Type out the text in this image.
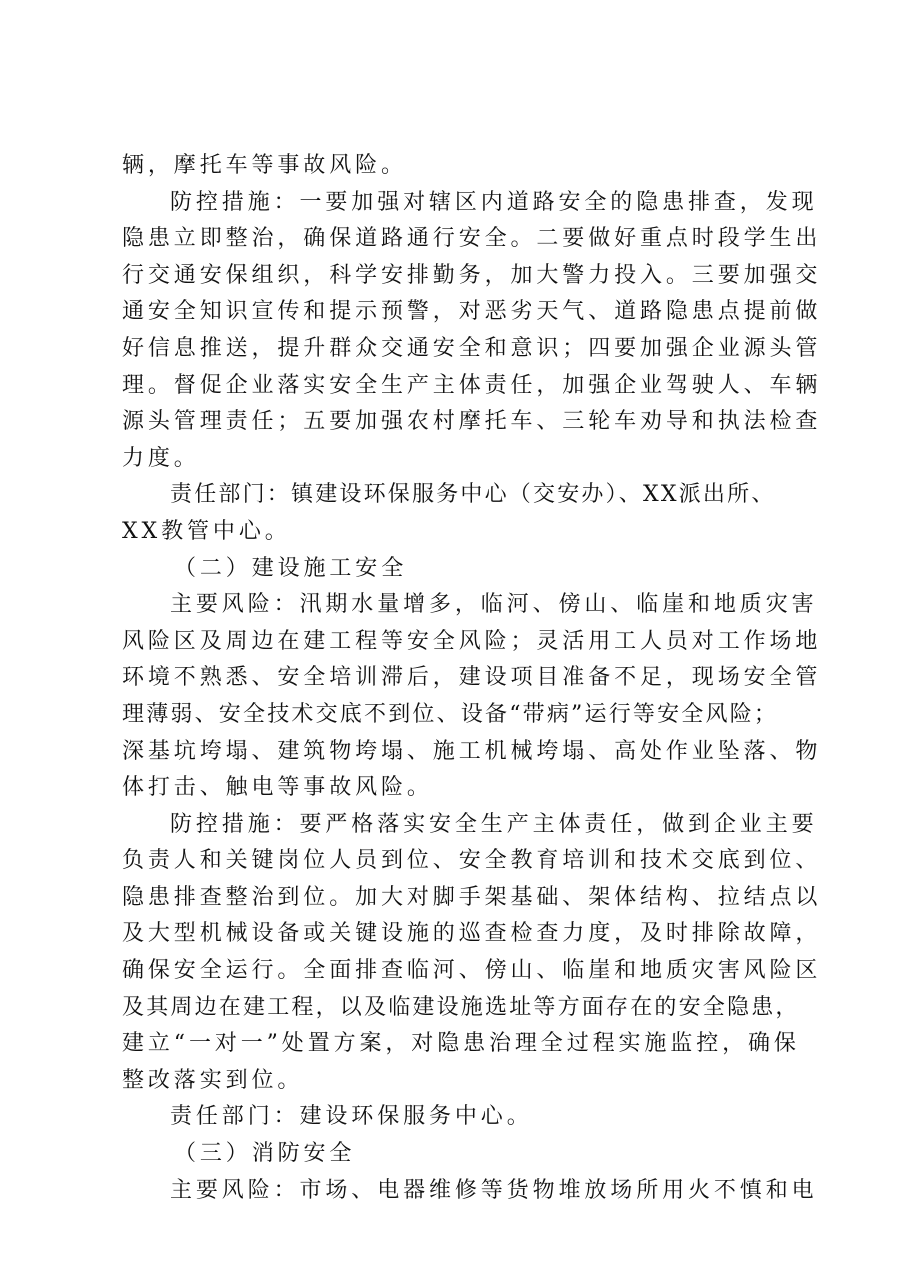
辆，摩托车等事故风险。
防控措施：一要加强对辖区内道路安全的隐患排查，发现
隐患立即整治，确保道路通行安全。二要做好重点时段学生出
行交通安保组织，科学安排勤务，加大警力投入。三要加强交
通安全知识宣传和提示预警，对恶劣天气、道路隐患点提前做
好信息推送，提升群众交通安全和意识；四要加强企业源头管
理。督促企业落实安全生产主体责任，加强企业驾驶人、车辆
源头管理责任；五要加强农村摩托车、三轮车劝导和执法检查
力度。
责任部门：镇建设环保服务中心（交安办）、XX派出所、
XX教管中心。
（二）建设施工安全
主要风险：汛期水量增多，临河、傍山、临崖和地质灾害
风险区及周边在建工程等安全风险；灵活用工人员对工作场地
环境不熟悉、安全培训滞后，建设项目准备不足，现场安全管
理薄弱、安全技术交底不到位、设备“带病”运行等安全风险；
深基坑垮塌、建筑物垮塌、施工机械垮塌、高处作业坠落、物
体打击、触电等事故风险。
防控措施：要严格落实安全生产主体责任，做到企业主要
负责人和关键岗位人员到位、安全教育培训和技术交底到位、
隐患排查整治到位。加大对脚手架基础、架体结构、拉结点以
及大型机械设备或关键设施的巡查检查力度，及时排除故障，
确保安全运行。全面排查临河、傍山、临崖和地质灾害风险区
及其周边在建工程，以及临建设施选址等方面存在的安全隐患，
建立“一对一”处置方案，对隐患治理全过程实施监控，确保
整改落实到位。
责任部门：建设环保服务中心。
（三）消防安全
主要风险：市场、电器维修等货物堆放场所用火不慎和电
